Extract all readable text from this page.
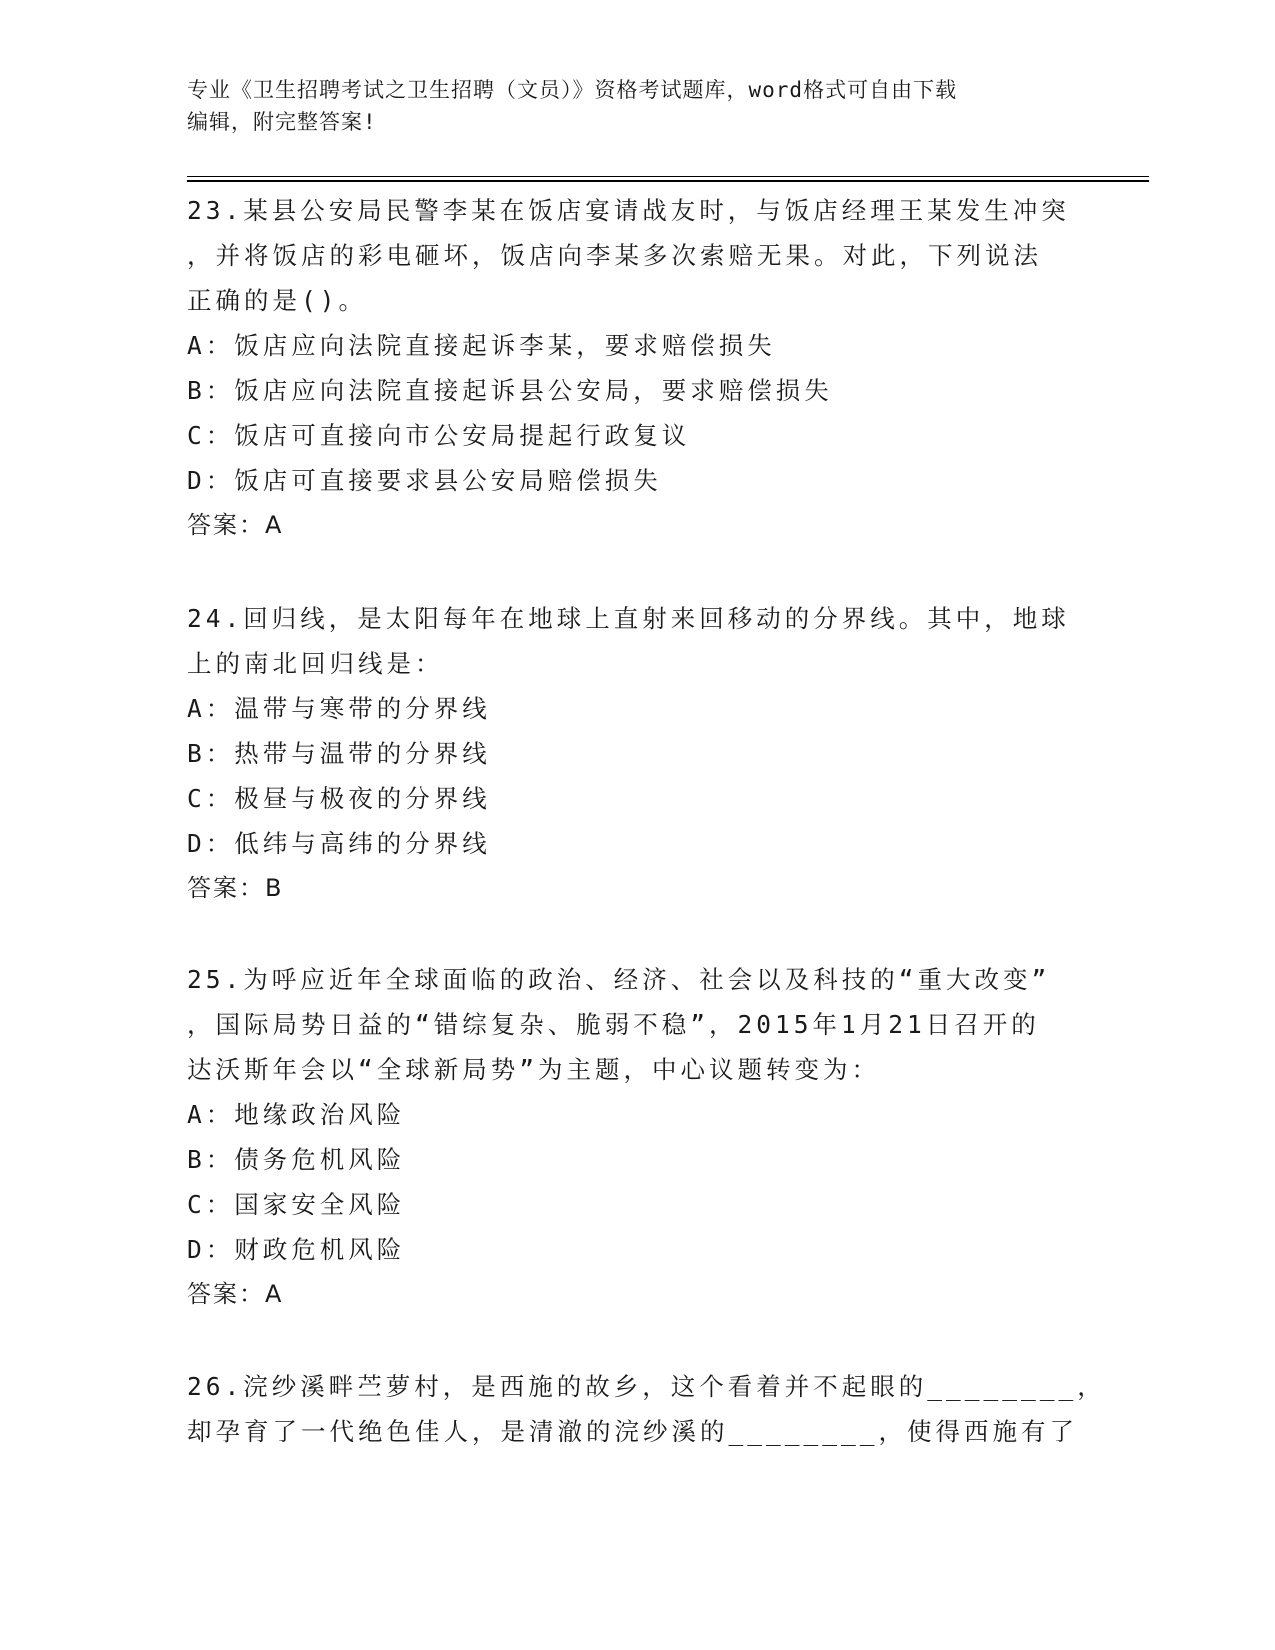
专业《卫生招聘考试之卫生招聘（文员）》资格考试题库，word格式可自由下载
编辑，附完整答案!
23.某县公安局民警李某在饭店宴请战友时，与饭店经理王某发生冲突
，并将饭店的彩电砸坏，饭店向李某多次索赔无果。对此，下列说法
正确的是()。
A：饭店应向法院直接起诉李某，要求赔偿损失
B：饭店应向法院直接起诉县公安局，要求赔偿损失
C：饭店可直接向市公安局提起行政复议
D：饭店可直接要求县公安局赔偿损失
答案：A
24.回归线，是太阳每年在地球上直射来回移动的分界线。其中，地球
上的南北回归线是：
A：温带与寒带的分界线
B：热带与温带的分界线
C：极昼与极夜的分界线
D：低纬与高纬的分界线
答案：B
25.为呼应近年全球面临的政治、经济、社会以及科技的“重大改变”
，国际局势日益的“错综复杂、脆弱不稳”，2015年1月21日召开的
达沃斯年会以“全球新局势”为主题，中心议题转变为：
A：地缘政治风险
B：债务危机风险
C：国家安全风险
D：财政危机风险
答案：A
26.浣纱溪畔苎萝村，是西施的故乡，这个看着并不起眼的________，
却孕育了一代绝色佳人，是清澈的浣纱溪的________，使得西施有了
